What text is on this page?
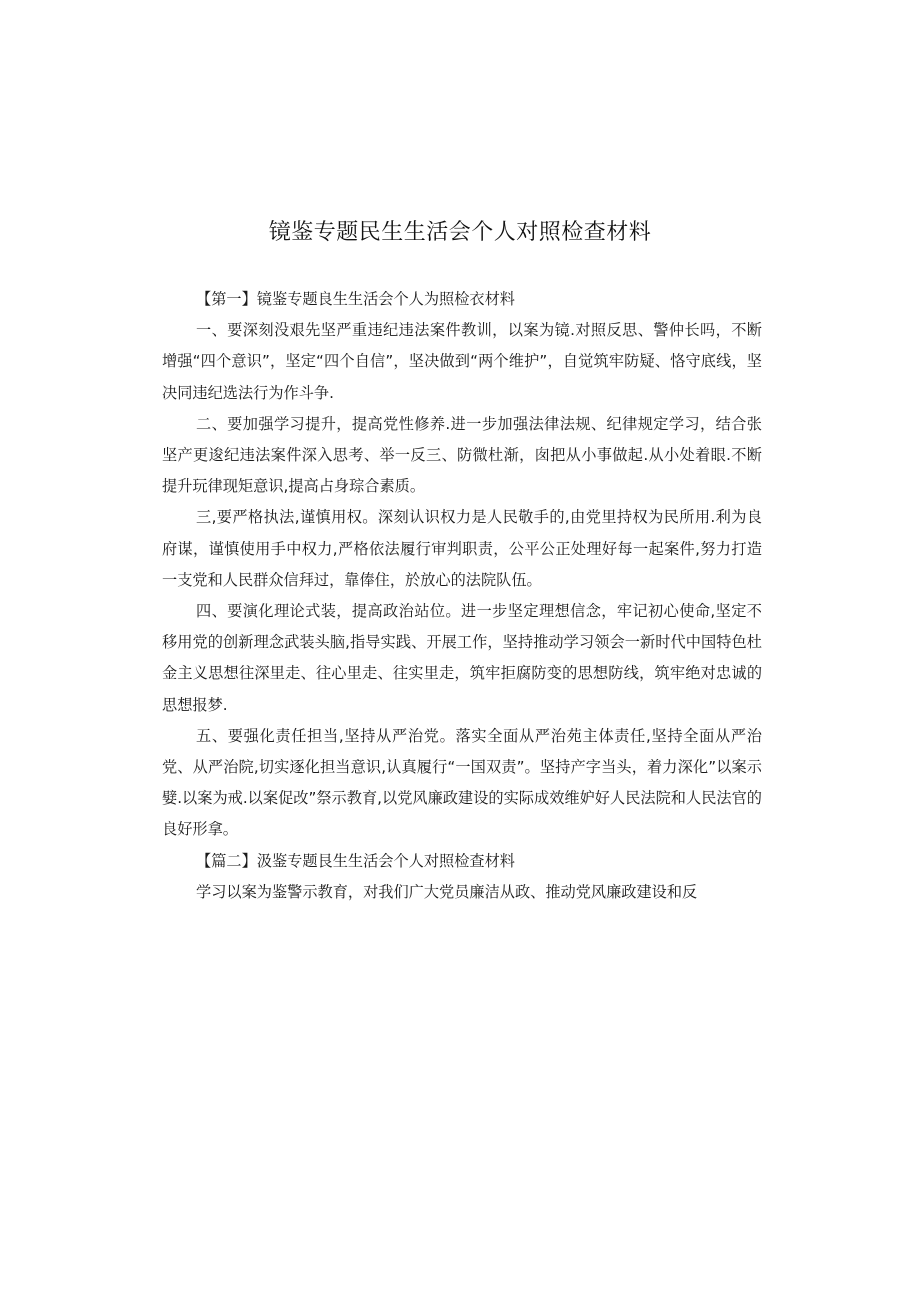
镜鉴专题民生生活会个人对照检查材料

【第一】镜鉴专题良生生活会个人为照检衣材料

一、要深刻没艰先坚严重违纪违法案件教训，以案为镜.对照反思、警仲长吗，不断增强“四个意识”，坚定“四个自信”，坚决做到“两个维护”，自觉筑牢防疑、恪守底线，坚决同违纪选法行为作斗争.

二、要加强学习提升，提高党性修养.进一步加强法律法规、纪律规定学习，结合张坚产更逡纪违法案件深入思考、举一反三、防微杜渐，囱把从小事做起.从小处着眼.不断提升玩律现矩意识,提高占身琮合素质。

三,要严格执法,谨慎用权。深刻认识权力是人民敬手的,由党里持权为民所用.利为良府谋，谨慎使用手中权力,严格依法履行审判职责，公平公正处理好每一起案件,努力打造一支党和人民群众信拜过，靠俸住，於放心的法院队伍。

四、要演化理论式装，提高政治站位。进一步坚定理想信念，牢记初心使命,坚定不移用党的创新理念武装头脑,指导实践、开展工作，坚持推动学习领会一新时代中国特色杜金主义思想往深里走、往心里走、往实里走，筑牢拒腐防变的思想防线，筑牢绝对忠诚的思想报梦.

五、要强化责任担当,坚持从严治党。落实全面从严治苑主体责任,坚持全面从严治党、从严治院,切实逐化担当意识,认真履行“一国双责”。坚持产字当头，着力深化”以案示嬖.以案为戒.以案促改”祭示教育,以党风廉政建设的实际成效维妒好人民法院和人民法官的良好形拿。

【篇二】汲鉴专题艮生生活会个人对照检查材料

学习以案为鉴警示教育，对我们广大党员廉洁从政、推动党风廉政建设和反
